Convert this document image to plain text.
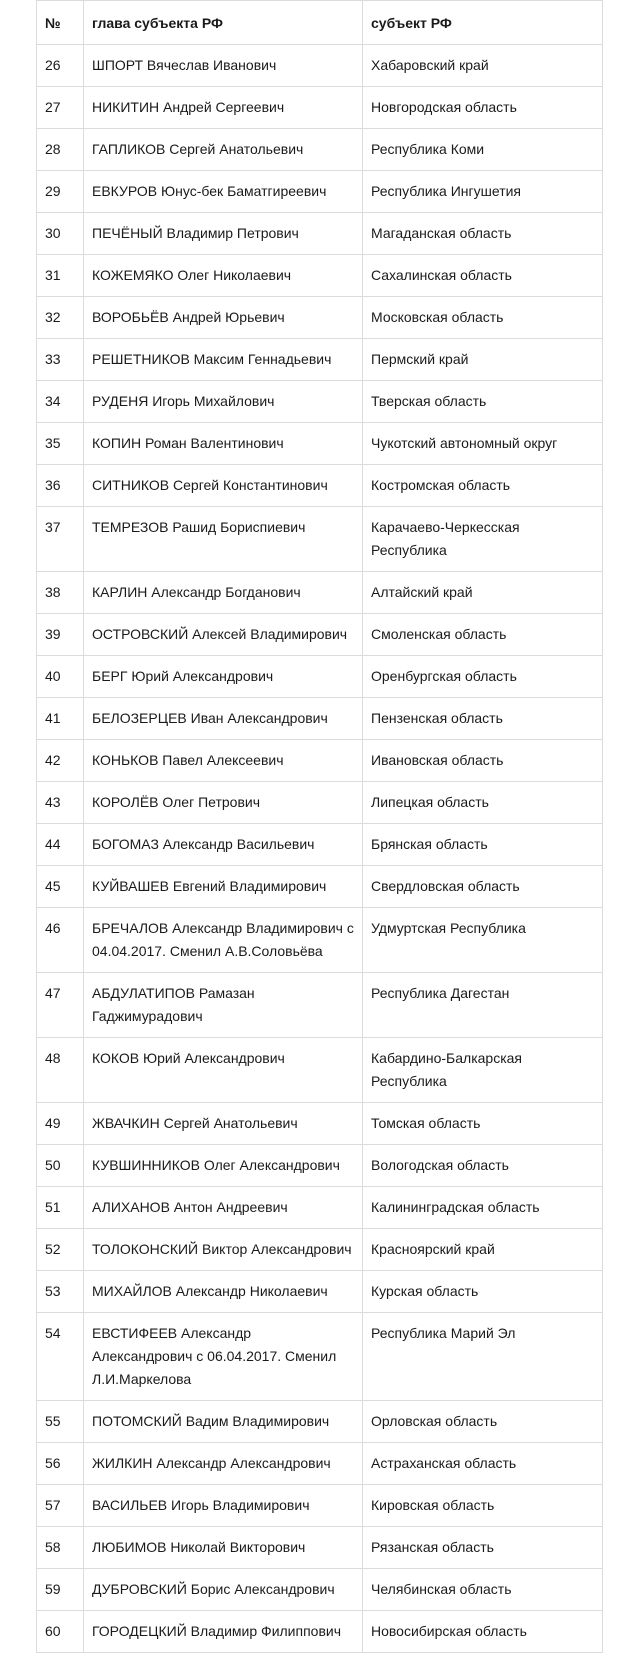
№	глава субъекта РФ	субъект РФ
26	ШПОРТ Вячеслав Иванович	Хабаровский край
27	НИКИТИН Андрей Сергеевич	Новгородская область
28	ГАПЛИКОВ Сергей Анатольевич	Республика Коми
29	ЕВКУРОВ Юнус-бек Баматгиреевич	Республика Ингушетия
30	ПЕЧЁНЫЙ Владимир Петрович	Магаданская область
31	КОЖЕМЯКО Олег Николаевич	Сахалинская область
32	ВОРОБЬЁВ Андрей Юрьевич	Московская область
33	РЕШЕТНИКОВ Максим Геннадьевич	Пермский край
34	РУДЕНЯ Игорь Михайлович	Тверская область
35	КОПИН Роман Валентинович	Чукотский автономный округ
36	СИТНИКОВ Сергей Константинович	Костромская область
37	ТЕМРЕЗОВ Рашид Бориспиевич	Карачаево-Черкесская Республика
38	КАРЛИН Александр Богданович	Алтайский край
39	ОСТРОВСКИЙ Алексей Владимирович	Смоленская область
40	БЕРГ Юрий Александрович	Оренбургская область
41	БЕЛОЗЕРЦЕВ Иван Александрович	Пензенская область
42	КОНЬКОВ Павел Алексеевич	Ивановская область
43	КОРОЛЁВ Олег Петрович	Липецкая область
44	БОГОМАЗ Александр Васильевич	Брянская область
45	КУЙВАШЕВ Евгений Владимирович	Свердловская область
46	БРЕЧАЛОВ Александр Владимирович с 04.04.2017. Сменил А.В.Соловьёва	Удмуртская Республика
47	АБДУЛАТИПОВ Рамазан Гаджимурадович	Республика Дагестан
48	КОКОВ Юрий Александрович	Кабардино-Балкарская Республика
49	ЖВАЧКИН Сергей Анатольевич	Томская область
50	КУВШИННИКОВ Олег Александрович	Вологодская область
51	АЛИХАНОВ Антон Андреевич	Калининградская область
52	ТОЛОКОНСКИЙ Виктор Александрович	Красноярский край
53	МИХАЙЛОВ Александр Николаевич	Курская область
54	ЕВСТИФЕЕВ Александр Александрович с 06.04.2017. Сменил Л.И.Маркелова	Республика Марий Эл
55	ПОТОМСКИЙ Вадим Владимирович	Орловская область
56	ЖИЛКИН Александр Александрович	Астраханская область
57	ВАСИЛЬЕВ Игорь Владимирович	Кировская область
58	ЛЮБИМОВ Николай Викторович	Рязанская область
59	ДУБРОВСКИЙ Борис Александрович	Челябинская область
60	ГОРОДЕЦКИЙ Владимир Филиппович	Новосибирская область
